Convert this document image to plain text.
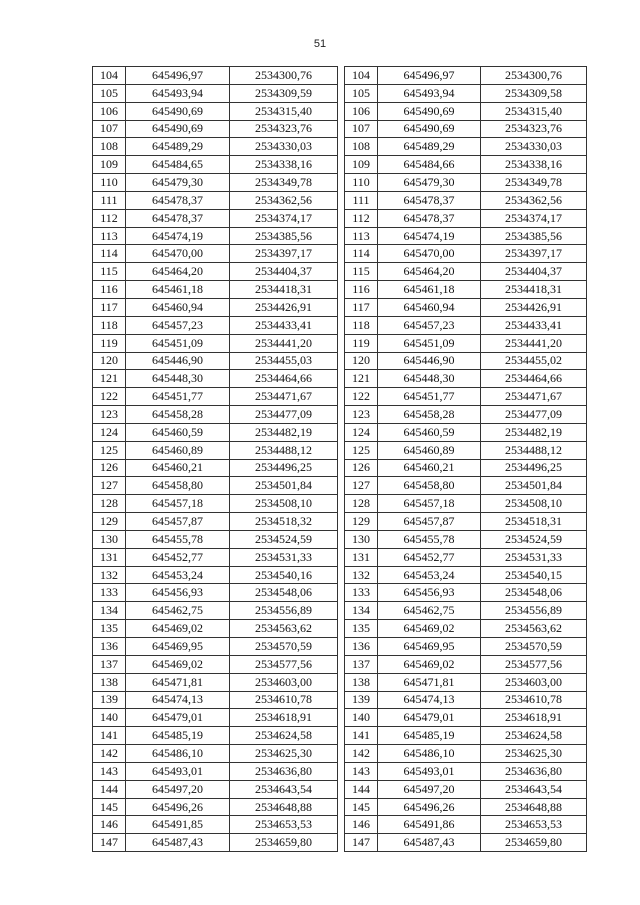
51
104	645496,97	2534300,76
105	645493,94	2534309,59
106	645490,69	2534315,40
107	645490,69	2534323,76
108	645489,29	2534330,03
109	645484,65	2534338,16
110	645479,30	2534349,78
111	645478,37	2534362,56
112	645478,37	2534374,17
113	645474,19	2534385,56
114	645470,00	2534397,17
115	645464,20	2534404,37
116	645461,18	2534418,31
117	645460,94	2534426,91
118	645457,23	2534433,41
119	645451,09	2534441,20
120	645446,90	2534455,03
121	645448,30	2534464,66
122	645451,77	2534471,67
123	645458,28	2534477,09
124	645460,59	2534482,19
125	645460,89	2534488,12
126	645460,21	2534496,25
127	645458,80	2534501,84
128	645457,18	2534508,10
129	645457,87	2534518,32
130	645455,78	2534524,59
131	645452,77	2534531,33
132	645453,24	2534540,16
133	645456,93	2534548,06
134	645462,75	2534556,89
135	645469,02	2534563,62
136	645469,95	2534570,59
137	645469,02	2534577,56
138	645471,81	2534603,00
139	645474,13	2534610,78
140	645479,01	2534618,91
141	645485,19	2534624,58
142	645486,10	2534625,30
143	645493,01	2534636,80
144	645497,20	2534643,54
145	645496,26	2534648,88
146	645491,85	2534653,53
147	645487,43	2534659,80
104	645496,97	2534300,76
105	645493,94	2534309,58
106	645490,69	2534315,40
107	645490,69	2534323,76
108	645489,29	2534330,03
109	645484,66	2534338,16
110	645479,30	2534349,78
111	645478,37	2534362,56
112	645478,37	2534374,17
113	645474,19	2534385,56
114	645470,00	2534397,17
115	645464,20	2534404,37
116	645461,18	2534418,31
117	645460,94	2534426,91
118	645457,23	2534433,41
119	645451,09	2534441,20
120	645446,90	2534455,02
121	645448,30	2534464,66
122	645451,77	2534471,67
123	645458,28	2534477,09
124	645460,59	2534482,19
125	645460,89	2534488,12
126	645460,21	2534496,25
127	645458,80	2534501,84
128	645457,18	2534508,10
129	645457,87	2534518,31
130	645455,78	2534524,59
131	645452,77	2534531,33
132	645453,24	2534540,15
133	645456,93	2534548,06
134	645462,75	2534556,89
135	645469,02	2534563,62
136	645469,95	2534570,59
137	645469,02	2534577,56
138	645471,81	2534603,00
139	645474,13	2534610,78
140	645479,01	2534618,91
141	645485,19	2534624,58
142	645486,10	2534625,30
143	645493,01	2534636,80
144	645497,20	2534643,54
145	645496,26	2534648,88
146	645491,86	2534653,53
147	645487,43	2534659,80
